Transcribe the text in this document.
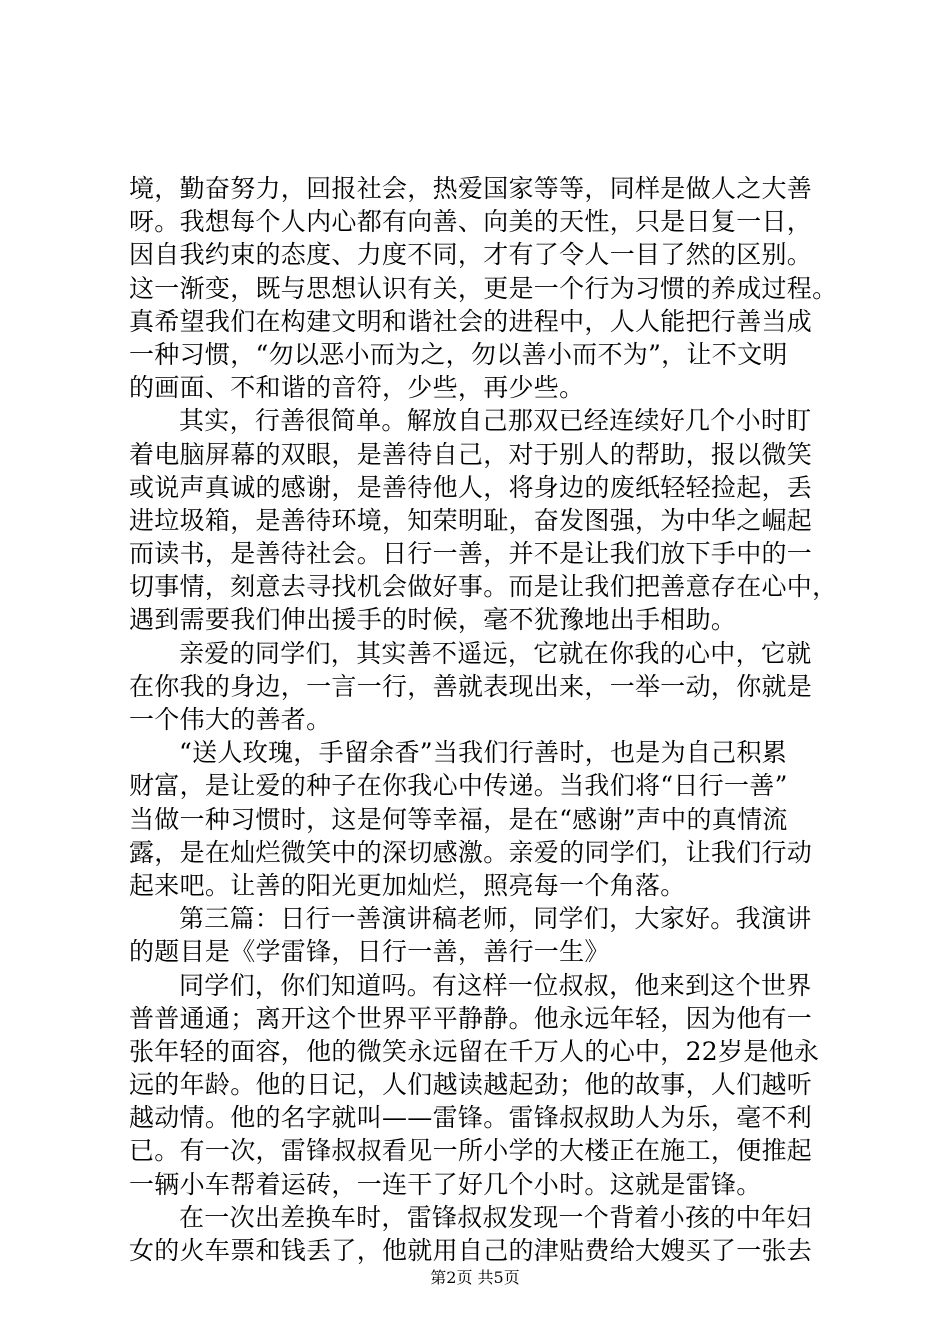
境，勤奋努力，回报社会，热爱国家等等，同样是做人之大善
呀。我想每个人内心都有向善、向美的天性，只是日复一日，
因自我约束的态度、力度不同，才有了令人一目了然的区别。
这一渐变，既与思想认识有关，更是一个行为习惯的养成过程。
真希望我们在构建文明和谐社会的进程中，人人能把行善当成
一种习惯，“勿以恶小而为之，勿以善小而不为”，让不文明
的画面、不和谐的音符，少些，再少些。
其实，行善很简单。解放自己那双已经连续好几个小时盯
着电脑屏幕的双眼，是善待自己，对于别人的帮助，报以微笑
或说声真诚的感谢，是善待他人，将身边的废纸轻轻捡起，丢
进垃圾箱，是善待环境，知荣明耻，奋发图强，为中华之崛起
而读书，是善待社会。日行一善，并不是让我们放下手中的一
切事情，刻意去寻找机会做好事。而是让我们把善意存在心中，
遇到需要我们伸出援手的时候，毫不犹豫地出手相助。
亲爱的同学们，其实善不遥远，它就在你我的心中，它就
在你我的身边，一言一行，善就表现出来，一举一动，你就是
一个伟大的善者。
“送人玫瑰，手留余香”当我们行善时，也是为自己积累
财富，是让爱的种子在你我心中传递。当我们将“日行一善”
当做一种习惯时，这是何等幸福，是在“感谢”声中的真情流
露，是在灿烂微笑中的深切感激。亲爱的同学们，让我们行动
起来吧。让善的阳光更加灿烂，照亮每一个角落。
第三篇：日行一善演讲稿老师，同学们，大家好。我演讲
的题目是《学雷锋，日行一善，善行一生》
同学们，你们知道吗。有这样一位叔叔，他来到这个世界
普普通通；离开这个世界平平静静。他永远年轻，因为他有一
张年轻的面容，他的微笑永远留在千万人的心中，22岁是他永
远的年龄。他的日记，人们越读越起劲；他的故事，人们越听
越动情。他的名字就叫——雷锋。雷锋叔叔助人为乐，毫不利
已。有一次，雷锋叔叔看见一所小学的大楼正在施工，便推起
一辆小车帮着运砖，一连干了好几个小时。这就是雷锋。
在一次出差换车时，雷锋叔叔发现一个背着小孩的中年妇
女的火车票和钱丢了，他就用自己的津贴费给大嫂买了一张去
第2页 共5页
